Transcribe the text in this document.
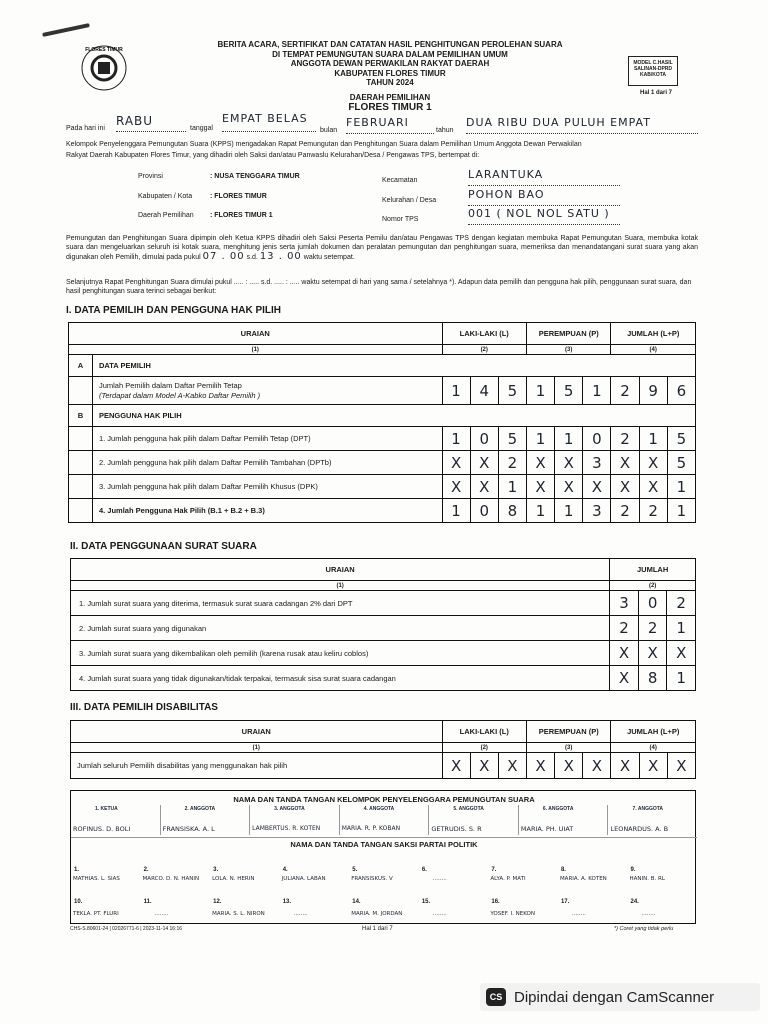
FLORES TIMUR
BERITA ACARA, SERTIFIKAT DAN CATATAN HASIL PENGHITUNGAN PEROLEHAN SUARA
DI TEMPAT PEMUNGUTAN SUARA DALAM PEMILIHAN UMUM
ANGGOTA DEWAN PERWAKILAN RAKYAT DAERAH
KABUPATEN FLORES TIMUR
TAHUN 2024
DAERAH PEMILIHAN
FLORES TIMUR 1
MODEL C.HASIL SALINAN-DPRD KAB/KOTA
Hal 1 dari 7
Pada hari ini
RABU
tanggal
EMPAT BELAS
bulan
FEBRUARI
tahun
DUA RIBU DUA PULUH EMPAT
Kelompok Penyelenggara Pemungutan Suara (KPPS) mengadakan Rapat Pemungutan dan Penghitungan Suara dalam Pemilihan Umum Anggota Dewan Perwakilan
Rakyat Daerah Kabupaten Flores Timur, yang dihadiri oleh Saksi dan/atau Panwaslu Kelurahan/Desa / Pengawas TPS, bertempat di:
Provinsi	: NUSA TENGGARA TIMUR
Kabupaten / Kota	: FLORES TIMUR
Daerah Pemilihan : FLORES TIMUR 1
Kecamatan	LARANTUKA
Kelurahan / Desa	POHON BAO
Nomor TPS	001 ( NOL NOL SATU )
Pemungutan dan Penghitungan Suara dipimpin oleh Ketua KPPS dihadiri oleh Saksi Peserta Pemilu dan/atau Pengawas TPS dengan kegiatan membuka Rapat Pemungutan Suara, membuka kotak suara dan mengeluarkan seluruh isi kotak suara, menghitung jenis serta jumlah dokumen dan peralatan pemungutan dan penghitungan suara, memeriksa dan menandatangani surat suara yang akan digunakan oleh Pemilih, dimulai pada pukul 07 . 00 s.d. 13 . 00 waktu setempat.
Selanjutnya Rapat Penghitungan Suara dimulai pukul ..... : ..... s.d. ..... : ..... waktu setempat di hari yang sama / setelahnya *). Adapun data pemilih dan pengguna hak pilih, penggunaan surat suara, dan hasil penghitungan suara terinci sebagai berikut:
I. DATA PEMILIH DAN PENGGUNA HAK PILIH
URAIAN		LAKI-LAKI (L)			PEREMPUAN (P)			JUMLAH (L+P)		
(1)		(2)			(3)			(4)		
A	DATA PEMILIH									

	Jumlah Pemilih dalam Daftar Pemilih Tetap
(Terdapat dalam Model A-Kabko Daftar Pemilih )	1	4	5	1	5	1	2	9	6
B	PENGGUNA HAK PILIH									
	1. Jumlah pengguna hak pilih dalam Daftar Pemilih Tetap (DPT)	1	0	5	1	1	0	2	1	5
	2. Jumlah pengguna hak pilih dalam Daftar Pemilih Tambahan (DPTb)	X	X	2	X	X	3	X	X	5
	3. Jumlah pengguna hak pilih dalam Daftar Pemilih Khusus (DPK)	X	X	1	X	X	X	X	X	1
	4. Jumlah Pengguna Hak Pilih (B.1 + B.2 + B.3)	1	0	8	1	1	3	2	2	1
II. DATA PENGGUNAAN SURAT SUARA
URAIAN	JUMLAH		
(1)	(2)		
1. Jumlah surat suara yang diterima, termasuk surat suara cadangan 2% dari DPT	3	0	2
2. Jumlah surat suara yang digunakan	2	2	1
3. Jumlah surat suara yang dikembalikan oleh pemilih (karena rusak atau keliru coblos)	X	X	X
4. Jumlah surat suara yang tidak digunakan/tidak terpakai, termasuk sisa surat suara cadangan	X	8	1
III. DATA PEMILIH DISABILITAS
URAIAN	LAKI-LAKI (L)			PEREMPUAN (P)			JUMLAH (L+P)		
(1)	(2)			(3)			(4)		
Jumlah seluruh Pemilih disabilitas yang menggunakan hak pilih	X	X	X	X	X	X	X	X	X
NAMA DAN TANDA TANGAN KELOMPOK PENYELENGGARA PEMUNGUTAN SUARA
1. KETUA
ROFINUS. D. BOLI
2. ANGGOTA
FRANSISKA. A. L
3. ANGGOTA
LAMBERTUS. R. KOTEN
4. ANGGOTA
MARIA. R. P. KOBAN
5. ANGGOTA
GETRUDIS. S. R
6. ANGGOTA
MARIA. PH. UIAT
7. ANGGOTA
LEONARDUS. A. B
NAMA DAN TANDA TANGAN SAKSI PARTAI POLITIK
1.
MATHIAS. L. SIAS
2.
MARCO. D. N. HANIN
3.
LOLA. N. HERIN
4.
JULIANA. LABAN
5.
FRANSISKUS. V
6.
........
7.
ALYA. P. MATI
8.
MARIA. A. KOTEN
9.
HANIN. B. RL
10.
TEKLA. PT. FLURI
11.
........
12.
MARIA. S. L. NIRON
13.
........
14.
MARIA. M. JORDAN
15.
........
16.
YOSEF. I. NEKON
17.
........
24.
........
CHS-S.80601-24 | 02026771-6 | 2023-11-14 16:16	Hal 1 dari 7	*) Coret yang tidak perlu
CS Dipindai dengan CamScanner
